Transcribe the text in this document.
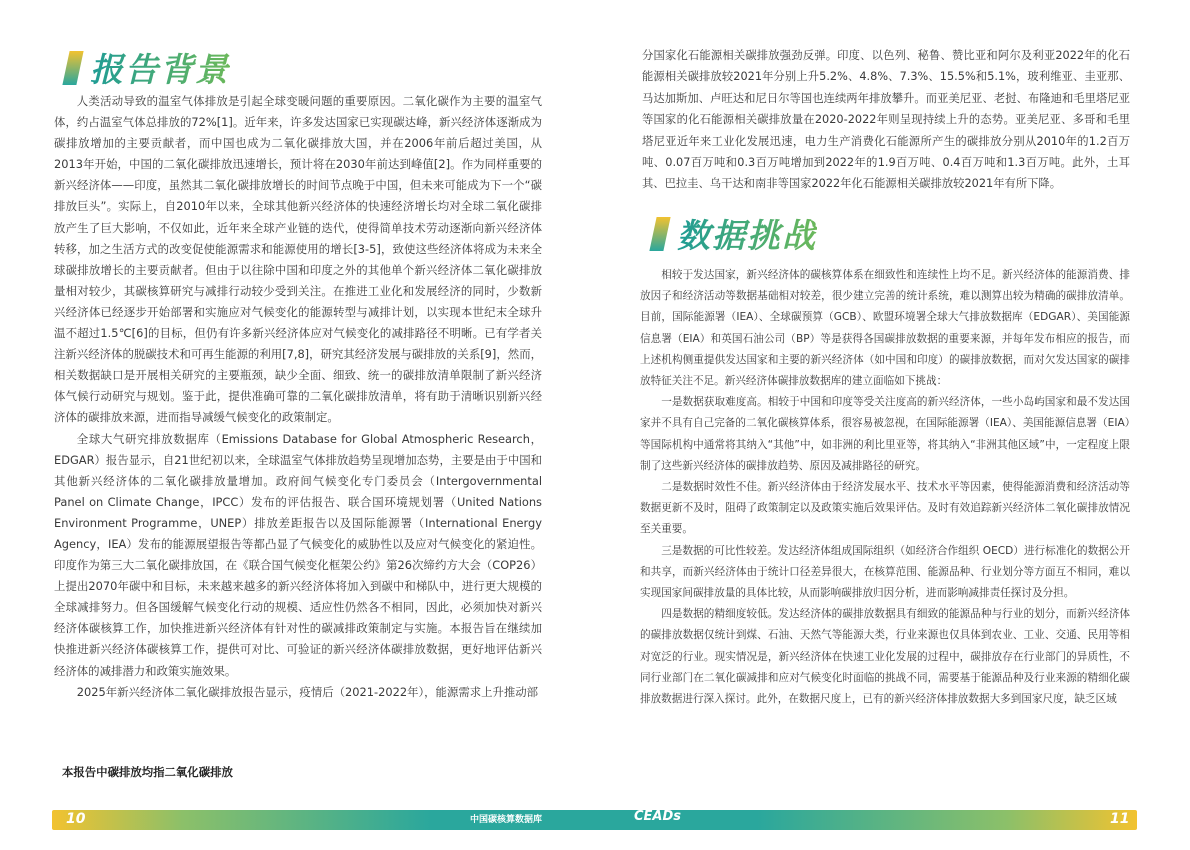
报告背景

人类活动导致的温室气体排放是引起全球变暖问题的重要原因。二氧化碳作为主要的温室气体，约占温室气体总排放的72%[1]。近年来，许多发达国家已实现碳达峰，新兴经济体逐渐成为碳排放增加的主要贡献者，而中国也成为二氧化碳排放大国，并在2006年前后超过美国，从2013年开始，中国的二氧化碳排放迅速增长，预计将在2030年前达到峰值[2]。作为同样重要的新兴经济体——印度，虽然其二氧化碳排放增长的时间节点晚于中国，但未来可能成为下一个“碳排放巨头”。实际上，自2010年以来，全球其他新兴经济体的快速经济增长均对全球二氧化碳排放产生了巨大影响，不仅如此，近年来全球产业链的迭代，使得简单技术劳动逐渐向新兴经济体转移，加之生活方式的改变促使能源需求和能源使用的增长[3-5]，致使这些经济体将成为未来全球碳排放增长的主要贡献者。但由于以往除中国和印度之外的其他单个新兴经济体二氧化碳排放量相对较少，其碳核算研究与减排行动较少受到关注。在推进工业化和发展经济的同时，少数新兴经济体已经逐步开始部署和实施应对气候变化的能源转型与减排计划，以实现本世纪末全球升温不超过1.5℃[6]的目标，但仍有许多新兴经济体应对气候变化的减排路径不明晰。已有学者关注新兴经济体的脱碳技术和可再生能源的利用[7,8]，研究其经济发展与碳排放的关系[9]，然而，相关数据缺口是开展相关研究的主要瓶颈，缺少全面、细致、统一的碳排放清单限制了新兴经济体气候行动研究与规划。鉴于此，提供准确可靠的二氧化碳排放清单，将有助于清晰识别新兴经济体的碳排放来源，进而指导减缓气候变化的政策制定。

全球大气研究排放数据库（Emissions Database for Global Atmospheric Research，EDGAR）报告显示，自21世纪初以来，全球温室气体排放趋势呈现增加态势，主要是由于中国和其他新兴经济体的二氧化碳排放量增加。政府间气候变化专门委员会（Intergovernmental Panel on Climate Change，IPCC）发布的评估报告、联合国环境规划署（United Nations Environment Programme，UNEP）排放差距报告以及国际能源署（International Energy Agency，IEA）发布的能源展望报告等都凸显了气候变化的威胁性以及应对气候变化的紧迫性。印度作为第三大二氧化碳排放国，在《联合国气候变化框架公约》第26次缔约方大会（COP26）上提出2070年碳中和目标，未来越来越多的新兴经济体将加入到碳中和梯队中，进行更大规模的全球减排努力。但各国缓解气候变化行动的规模、适应性仍然各不相同，因此，必须加快对新兴经济体碳核算工作，加快推进新兴经济体有针对性的碳减排政策制定与实施。本报告旨在继续加快推进新兴经济体碳核算工作，提供可对比、可验证的新兴经济体碳排放数据，更好地评估新兴经济体的减排潜力和政策实施效果。

2025年新兴经济体二氧化碳排放报告显示，疫情后（2021-2022年），能源需求上升推动部

本报告中碳排放均指二氧化碳排放

分国家化石能源相关碳排放强劲反弹。印度、以色列、秘鲁、赞比亚和阿尔及利亚2022年的化石能源相关碳排放较2021年分别上升5.2%、4.8%、7.3%、15.5%和5.1%，玻利维亚、圭亚那、马达加斯加、卢旺达和尼日尔等国也连续两年排放攀升。而亚美尼亚、老挝、布隆迪和毛里塔尼亚等国家的化石能源相关碳排放量在2020-2022年则呈现持续上升的态势。亚美尼亚、多哥和毛里塔尼亚近年来工业化发展迅速，电力生产消费化石能源所产生的碳排放分别从2010年的1.2百万吨、0.07百万吨和0.3百万吨增加到2022年的1.9百万吨、0.4百万吨和1.3百万吨。此外，土耳其、巴拉圭、乌干达和南非等国家2022年化石能源相关碳排放较2021年有所下降。

数据挑战

相较于发达国家，新兴经济体的碳核算体系在细致性和连续性上均不足。新兴经济体的能源消费、排放因子和经济活动等数据基础相对较差，很少建立完善的统计系统，难以测算出较为精确的碳排放清单。目前，国际能源署（IEA）、全球碳预算（GCB）、欧盟环境署全球大气排放数据库（EDGAR）、美国能源信息署（EIA）和英国石油公司（BP）等是获得各国碳排放数据的重要来源，并每年发布相应的报告，而上述机构侧重提供发达国家和主要的新兴经济体（如中国和印度）的碳排放数据，而对欠发达国家的碳排放特征关注不足。新兴经济体碳排放数据库的建立面临如下挑战：

一是数据获取难度高。相较于中国和印度等受关注度高的新兴经济体，一些小岛屿国家和最不发达国家并不具有自己完备的二氧化碳核算体系，很容易被忽视，在国际能源署（IEA）、美国能源信息署（EIA）等国际机构中通常将其纳入“其他”中，如非洲的利比里亚等，将其纳入“非洲其他区域”中，一定程度上限制了这些新兴经济体的碳排放趋势、原因及减排路径的研究。

二是数据时效性不佳。新兴经济体由于经济发展水平、技术水平等因素，使得能源消费和经济活动等数据更新不及时，阻碍了政策制定以及政策实施后效果评估。及时有效追踪新兴经济体二氧化碳排放情况至关重要。

三是数据的可比性较差。发达经济体组成国际组织（如经济合作组织 OECD）进行标准化的数据公开和共享，而新兴经济体由于统计口径差异很大，在核算范围、能源品种、行业划分等方面互不相同，难以实现国家间碳排放量的具体比较，从而影响碳排放归因分析，进而影响减排责任探讨及分担。

四是数据的精细度较低。发达经济体的碳排放数据具有细致的能源品种与行业的划分，而新兴经济体的碳排放数据仅统计到煤、石油、天然气等能源大类，行业来源也仅具体到农业、工业、交通、民用等相对宽泛的行业。现实情况是，新兴经济体在快速工业化发展的过程中，碳排放存在行业部门的异质性，不同行业部门在二氧化碳减排和应对气候变化时面临的挑战不同，需要基于能源品种及行业来源的精细化碳排放数据进行深入探讨。此外，在数据尺度上，已有的新兴经济体排放数据大多到国家尺度，缺乏区域

10	中国碳核算数据库	CEADs	11
